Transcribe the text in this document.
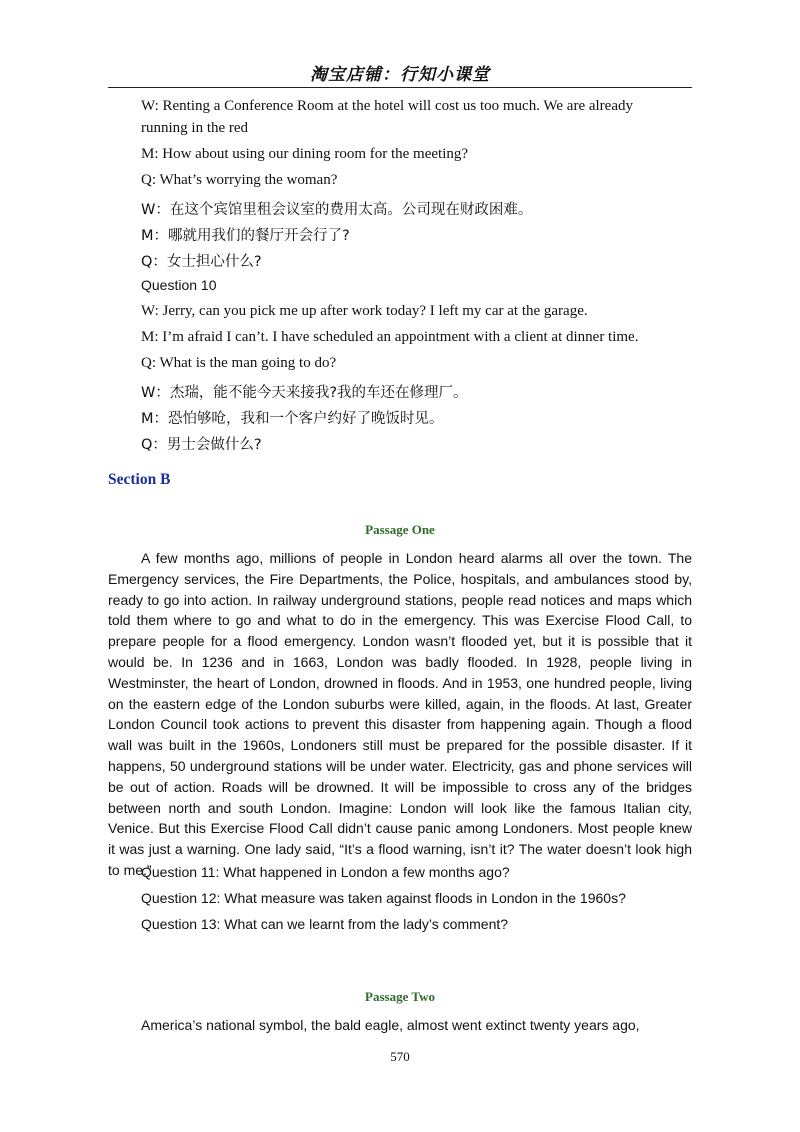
淘宝店铺：行知小课堂
W: Renting a Conference Room at the hotel will cost us too much. We are already
running in the red
M: How about using our dining room for the meeting?
Q: What’s worrying the woman?
W：在这个宾馆里租会议室的费用太高。公司现在财政困难。
M：哪就用我们的餐厅开会行了?
Q：女士担心什么?
Question 10
W: Jerry, can you pick me up after work today? I left my car at the garage.
M: I’m afraid I can’t. I have scheduled an appointment with a client at dinner time.
Q: What is the man going to do?
W：杰瑞，能不能今天来接我?我的车还在修理厂。
M：恐怕够呛，我和一个客户约好了晚饭时见。
Q：男士会做什么?
Section B
Passage One

A few months ago, millions of people in London heard alarms all over the town. The Emergency services, the Fire Departments, the Police, hospitals, and ambulances stood by, ready to go into action. In railway underground stations, people read notices and maps which told them where to go and what to do in the emergency. This was Exercise Flood Call, to prepare people for a flood emergency. London wasn’t flooded yet, but it is possible that it would be. In 1236 and in 1663, London was badly flooded. In 1928, people living in Westminster, the heart of London, drowned in floods. And in 1953, one hundred people, living on the eastern edge of the London suburbs were killed, again, in the floods. At last, Greater London Council took actions to prevent this disaster from happening again. Though a flood wall was built in the 1960s, Londoners still must be prepared for the possible disaster. If it happens, 50 underground stations will be under water. Electricity, gas and phone services will be out of action. Roads will be drowned. It will be impossible to cross any of the bridges between north and south London. Imagine: London will look like the famous Italian city, Venice. But this Exercise Flood Call didn’t cause panic among Londoners. Most people knew it was just a warning. One lady said, “It’s a flood warning, isn’t it? The water doesn’t look high to me.”

Question 11: What happened in London a few months ago?
Question 12: What measure was taken against floods in London in the 1960s?
Question 13: What can we learnt from the lady’s comment?
Passage Two

America’s national symbol, the bald eagle, almost went extinct twenty years ago,

570
